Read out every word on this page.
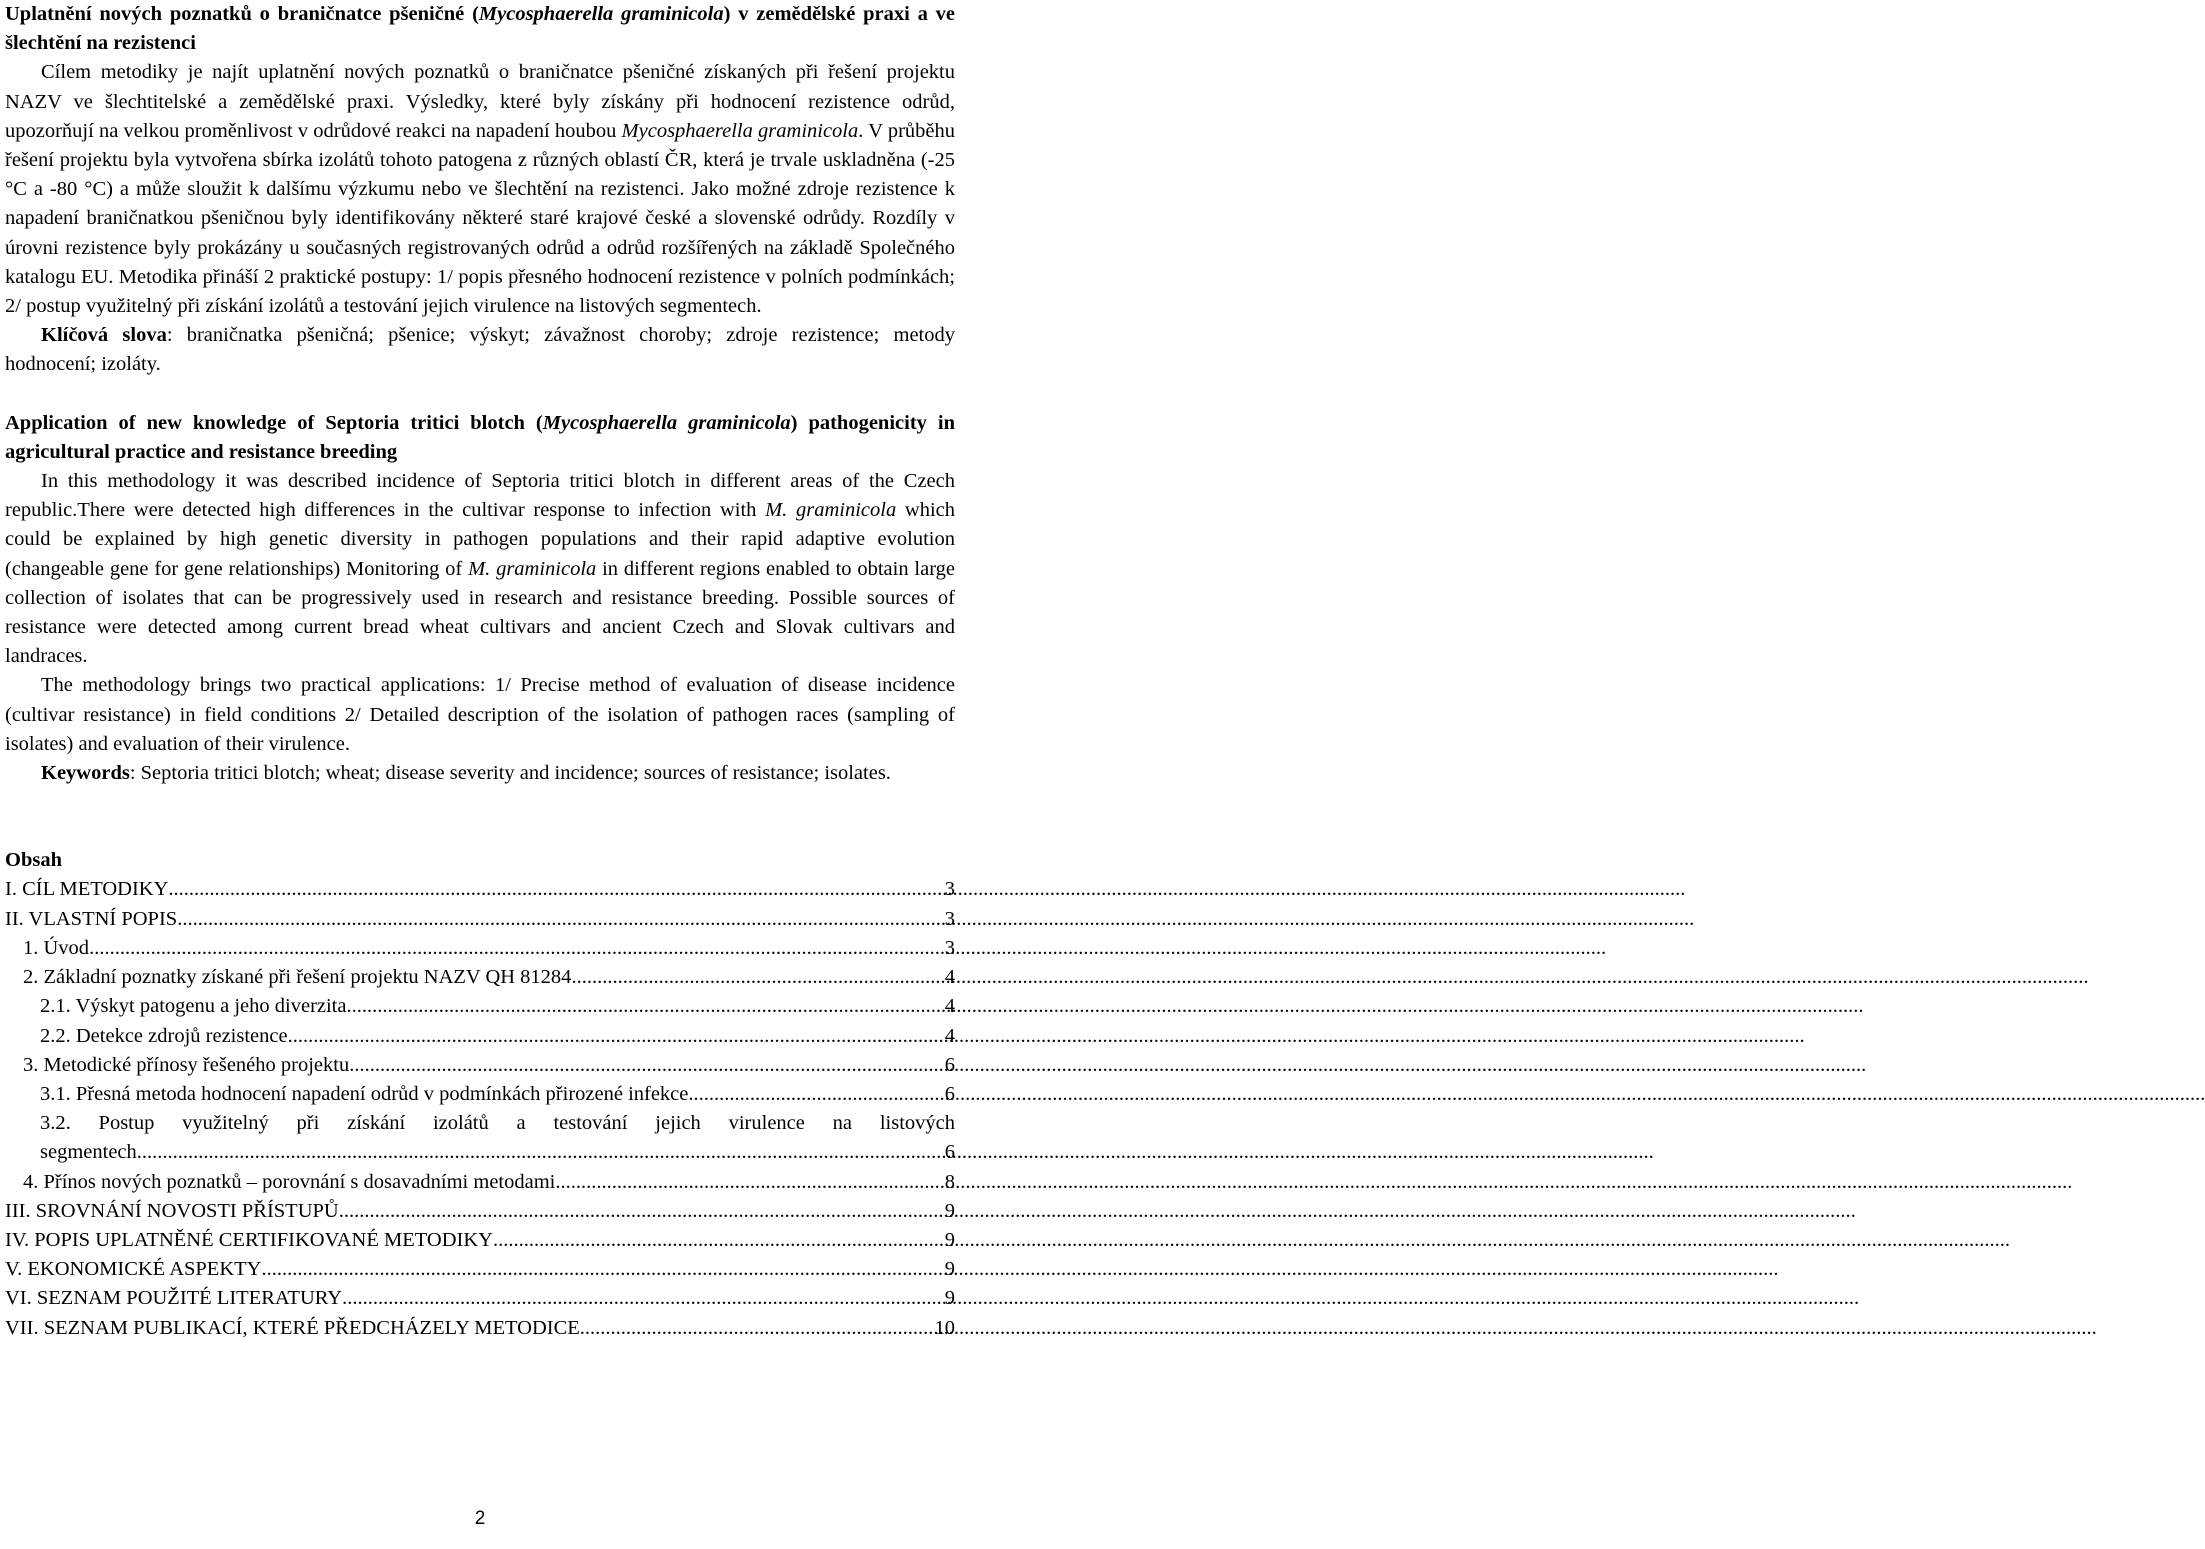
Uplatnění nových poznatků o braničnatce pšeničné (Mycosphaerella graminicola) v zemědělské praxi a ve šlechtění na rezistenci

Cílem metodiky je najít uplatnění nových poznatků o braničnatce pšeničné získaných při řešení projektu NAZV ve šlechtitelské a zemědělské praxi. Výsledky, které byly získány při hodnocení rezistence odrůd, upozorňují na velkou proměnlivost v odrůdové reakci na napadení houbou Mycosphaerella graminicola. V průběhu řešení projektu byla vytvořena sbírka izolátů tohoto patogena z různých oblastí ČR, která je trvale uskladněna (-25 °C a -80 °C) a může sloužit k dalšímu výzkumu nebo ve šlechtění na rezistenci. Jako možné zdroje rezistence k napadení braničnatkou pšeničnou byly identifikovány některé staré krajové české a slovenské odrůdy. Rozdíly v úrovni rezistence byly prokázány u současných registrovaných odrůd a odrůd rozšířených na základě Společného katalogu EU. Metodika přináší 2 praktické postupy: 1/ popis přesného hodnocení rezistence v polních podmínkách; 2/ postup využitelný při získání izolátů a testování jejich virulence na listových segmentech.

Klíčová slova: braničnatka pšeničná; pšenice; výskyt; závažnost choroby; zdroje rezistence; metody hodnocení; izoláty.

Application of new knowledge of Septoria tritici blotch (Mycosphaerella graminicola) pathogenicity in agricultural practice and resistance breeding

In this methodology it was described incidence of Septoria tritici blotch in different areas of the Czech republic.There were detected high differences in the cultivar response to infection with M. graminicola which could be explained by high genetic diversity in pathogen populations and their rapid adaptive evolution (changeable gene for gene relationships) Monitoring of M. graminicola in different regions enabled to obtain large collection of isolates that can be progressively used in research and resistance breeding. Possible sources of resistance were detected among current bread wheat cultivars and ancient Czech and Slovak cultivars and landraces.

The methodology brings two practical applications: 1/ Precise method of evaluation of disease incidence (cultivar resistance) in field conditions 2/ Detailed description of the isolation of pathogen races (sampling of isolates) and evaluation of their virulence.

Keywords: Septoria tritici blotch; wheat; disease severity and incidence; sources of resistance; isolates.

Obsah

I. CÍL METODIKY .....	3
II. VLASTNÍ POPIS .....	3
1. Úvod .....	3
2. Základní poznatky získané při řešení projektu NAZV QH 81284 .....	4
2.1. Výskyt patogenu a jeho diverzita .....	4
2.2. Detekce zdrojů rezistence .....	4
3. Metodické přínosy řešeného projektu .....	6
3.1. Přesná metoda hodnocení napadení odrůd v podmínkách přirozené infekce .....	6

3.2. Postup využitelný při získání izolátů a testování jejich virulence na listových

segmentech .....	6
4. Přínos nových poznatků – porovnání s dosavadními metodami .....	8
III. SROVNÁNÍ NOVOSTI PŘÍSTUPŮ .....	9
IV. POPIS UPLATNĚNÉ CERTIFIKOVANÉ METODIKY .....	9
V. EKONOMICKÉ ASPEKTY .....	9
VI. SEZNAM POUŽITÉ LITERATURY .....	9
VII. SEZNAM PUBLIKACÍ, KTERÉ PŘEDCHÁZELY METODICE .....	10
2
